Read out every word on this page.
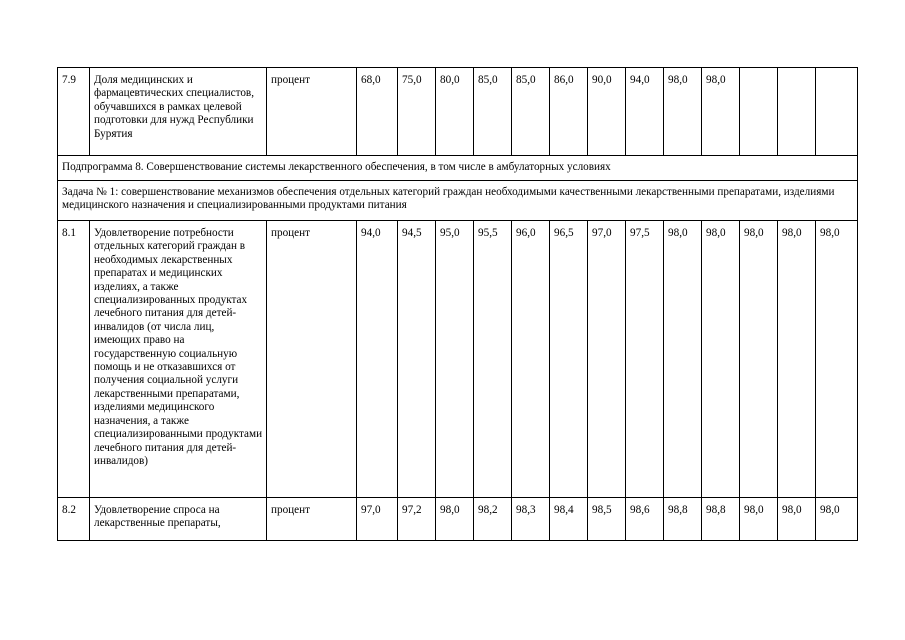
7.9	Доля медицинских и фармацевтических специалистов, обучавшихся в рамках целевой подготовки для нужд Республики Бурятия	процент	68,0	75,0	80,0	85,0	85,0	86,0	90,0	94,0	98,0	98,0			
Подпрограмма 8. Совершенствование системы лекарственного обеспечения, в том числе в амбулаторных условиях															
Задача № 1: совершенствование механизмов обеспечения отдельных категорий граждан необходимыми качественными лекарственными препаратами, изделиями медицинского назначения и специализированными продуктами питания															
8.1	Удовлетворение потребности отдельных категорий граждан в необходимых лекарственных препаратах и медицинских изделиях, а также специализированных продуктах лечебного питания для детей-инвалидов (от числа лиц, имеющих право на государственную социальную помощь и не отказавшихся от получения социальной услуги лекарственными препаратами, изделиями медицинского назначения, а также специализированными продуктами лечебного питания для детей-инвалидов)	процент	94,0	94,5	95,0	95,5	96,0	96,5	97,0	97,5	98,0	98,0	98,0	98,0	98,0
8.2	Удовлетворение спроса на лекарственные препараты,	процент	97,0	97,2	98,0	98,2	98,3	98,4	98,5	98,6	98,8	98,8	98,0	98,0	98,0
